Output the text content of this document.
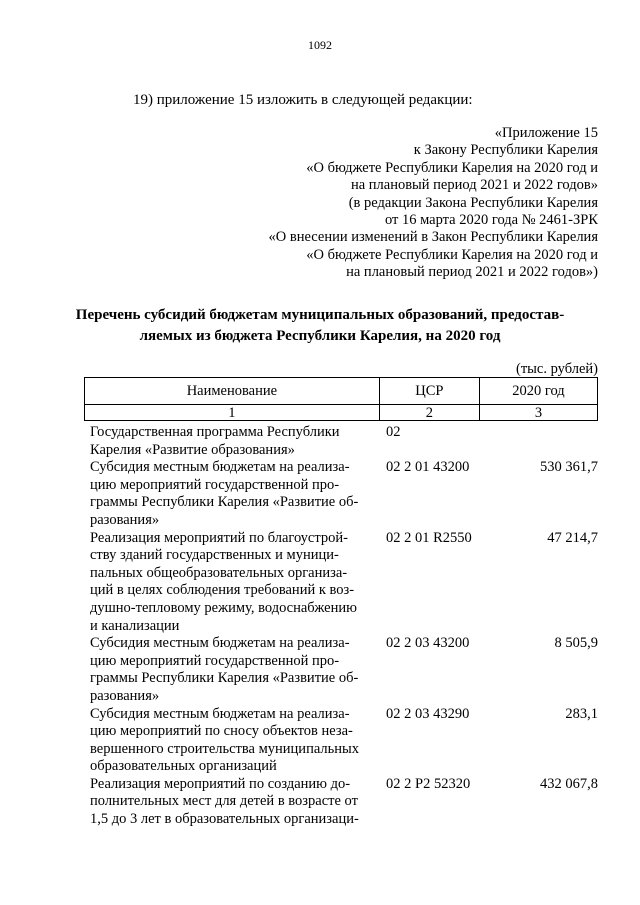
1092
19) приложение 15 изложить в следующей редакции:
«Приложение 15
к Закону Республики Карелия
«О бюджете Республики Карелия на 2020 год и
на плановый период 2021 и 2022 годов»
(в редакции Закона Республики Карелия
от 16 марта 2020 года № 2461-ЗРК
«О внесении изменений в Закон Республики Карелия
«О бюджете Республики Карелия на 2020 год и
на плановый период 2021 и 2022 годов»)
Перечень субсидий бюджетам муниципальных образований, предостав-
ляемых из бюджета Республики Карелия, на 2020 год
(тыс. рублей)
Наименование	ЦСР	2020 год
1	2	3
Государственная программа Республики
Карелия «Развитие образования»
02
Субсидия местным бюджетам на реализа-
цию мероприятий государственной про-
граммы Республики Карелия «Развитие об-
разования»
02 2 01 43200	530 361,7
Реализация мероприятий по благоустрой-
ству зданий государственных и муници-
пальных общеобразовательных организа-
ций в целях соблюдения требований к воз-
душно-тепловому режиму, водоснабжению
и канализации
02 2 01 R2550	47 214,7
Субсидия местным бюджетам на реализа-
цию мероприятий государственной про-
граммы Республики Карелия «Развитие об-
разования»
02 2 03 43200	8 505,9
Субсидия местным бюджетам на реализа-
цию мероприятий по сносу объектов неза-
вершенного строительства муниципальных
образовательных организаций
02 2 03 43290	283,1
Реализация мероприятий по созданию до-
полнительных мест для детей в возрасте от
1,5 до 3 лет в образовательных организаци-
02 2 Р2 52320	432 067,8
